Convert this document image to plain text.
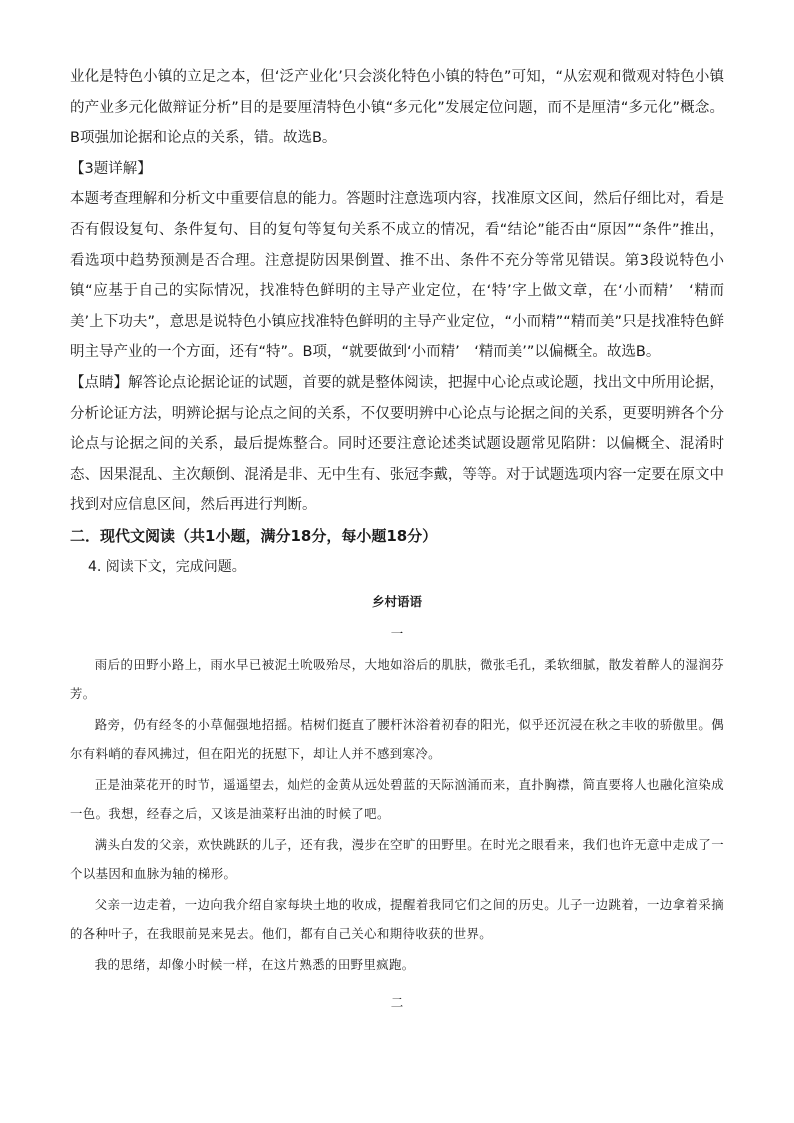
业化是特色小镇的立足之本，但‘泛产业化’只会淡化特色小镇的特色”可知，“从宏观和微观对特色小镇的产业多元化做辩证分析”目的是要厘清特色小镇“多元化”发展定位问题，而不是厘清“多元化”概念。B项强加论据和论点的关系，错。故选B。

【3题详解】

本题考查理解和分析文中重要信息的能力。答题时注意选项内容，找准原文区间，然后仔细比对，看是否有假设复句、条件复句、目的复句等复句关系不成立的情况，看“结论”能否由“原因”“条件”推出，看选项中趋势预测是否合理。注意提防因果倒置、推不出、条件不充分等常见错误。第3段说特色小镇“应基于自己的实际情况，找准特色鲜明的主导产业定位，在‘特’字上做文章，在‘小而精’　‘精而美’上下功夫”，意思是说特色小镇应找准特色鲜明的主导产业定位，“小而精”“精而美”只是找准特色鲜明主导产业的一个方面，还有“特”。B项，“就要做到‘小而精’　‘精而美’”以偏概全。故选B。

【点睛】解答论点论据论证的试题，首要的就是整体阅读，把握中心论点或论题，找出文中所用论据，分析论证方法，明辨论据与论点之间的关系，不仅要明辨中心论点与论据之间的关系，更要明辨各个分论点与论据之间的关系，最后提炼整合。同时还要注意论述类试题设题常见陷阱：以偏概全、混淆时态、因果混乱、主次颠倒、混淆是非、无中生有、张冠李戴，等等。对于试题选项内容一定要在原文中找到对应信息区间，然后再进行判断。

二．现代文阅读（共1小题，满分18分，每小题18分）

4. 阅读下文，完成问题。

乡村语语

一

雨后的田野小路上，雨水早已被泥土吮吸殆尽，大地如浴后的肌肤，微张毛孔，柔软细腻，散发着醉人的湿润芬芳。

路旁，仍有经冬的小草倔强地招摇。桔树们挺直了腰杆沐浴着初春的阳光，似乎还沉浸在秋之丰收的骄傲里。偶尔有料峭的春风拂过，但在阳光的抚慰下，却让人并不感到寒冷。

正是油菜花开的时节，遥遥望去，灿烂的金黄从远处碧蓝的天际汹涌而来，直扑胸襟，简直要将人也融化渲染成一色。我想，经春之后，又该是油菜籽出油的时候了吧。

满头白发的父亲，欢快跳跃的儿子，还有我，漫步在空旷的田野里。在时光之眼看来，我们也许无意中走成了一个以基因和血脉为轴的梯形。

父亲一边走着，一边向我介绍自家每块土地的收成，提醒着我同它们之间的历史。儿子一边跳着，一边拿着采摘的各种叶子，在我眼前晃来晃去。他们，都有自己关心和期待收获的世界。

我的思绪，却像小时候一样，在这片熟悉的田野里疯跑。

二
